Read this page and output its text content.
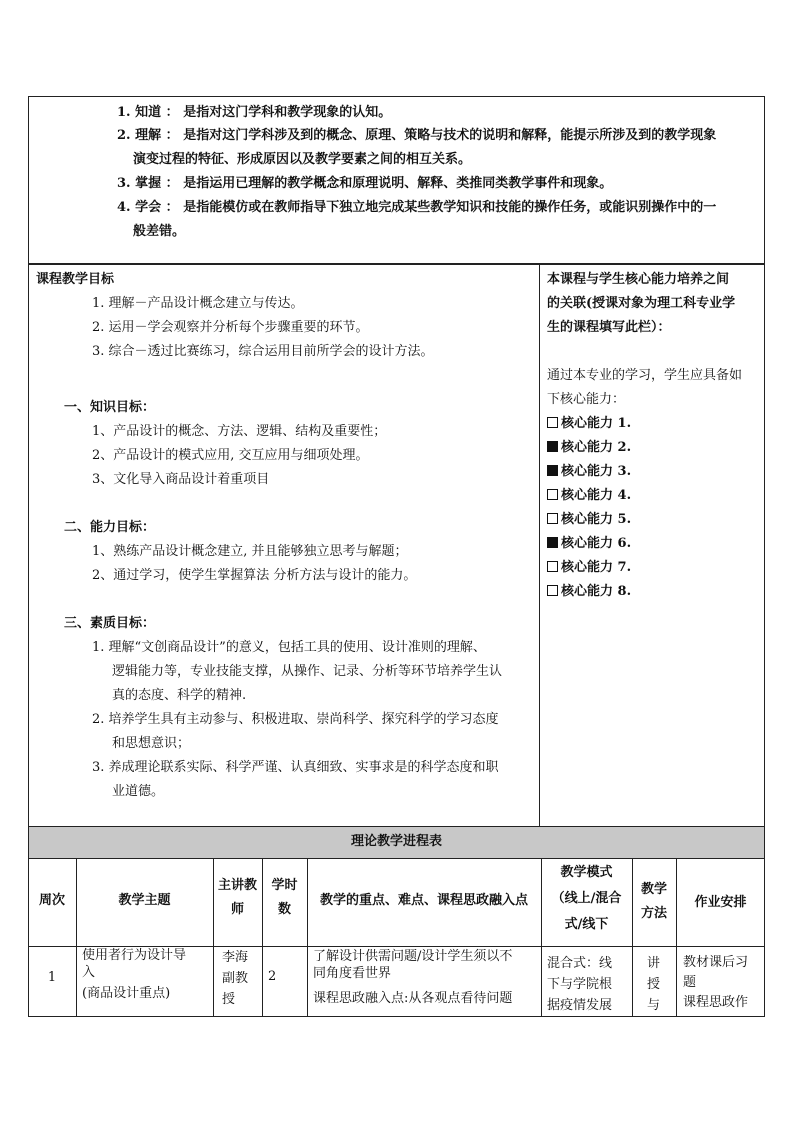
1. 知道 ： 是指对这门学科和教学现象的认知。
2. 理解 ： 是指对这门学科涉及到的概念、原理、策略与技术的说明和解释，能提示所涉及到的教学现象
演变过程的特征、形成原因以及教学要素之间的相互关系。
3. 掌握 ： 是指运用已理解的教学概念和原理说明、解释、类推同类教学事件和现象。
4. 学会 ： 是指能模仿或在教师指导下独立地完成某些教学知识和技能的操作任务，或能识别操作中的一
般差错。
课程教学目标
1. 理解－产品设计概念建立与传达。
2. 运用－学会观察并分析每个步骤重要的环节。
3. 综合－透过比赛练习，综合运用目前所学会的设计方法。
一、知识目标：
1、产品设计的概念、方法、逻辑、结构及重要性；
2、产品设计的模式应用, 交互应用与细项处理。
3、文化导入商品设计着重项目
二、能力目标：
1、熟练产品设计概念建立, 并且能够独立思考与解题；
2、通过学习，使学生掌握算法 分析方法与设计的能力。
三、素质目标：
1. 理解“文创商品设计”的意义，包括工具的使用、设计准则的理解、
逻辑能力等，专业技能支撑，从操作、记录、分析等环节培养学生认
真的态度、科学的精神.
2. 培养学生具有主动参与、积极进取、崇尚科学、探究科学的学习态度
和思想意识；
3. 养成理论联系实际、科学严谨、认真细致、实事求是的科学态度和职
业道德。
本课程与学生核心能力培养之间
的关联(授课对象为理工科专业学
生的课程填写此栏）：
通过本专业的学习，学生应具备如
下核心能力：
核心能力 1.
核心能力 2.
核心能力 3.
核心能力 4.
核心能力 5.
核心能力 6.
核心能力 7.
核心能力 8.
理论教学进程表
周次	教学主题
主讲教
师
学时
数
教学的重点、难点、课程思政融入点
教学模式
（线上/混合
式/线下
教学
方法
作业安排
1
使用者行为设计导
入
(商品设计重点)
李海
副教
授
2
了解设计供需问题/设计学生须以不
同角度看世界
课程思政融入点:从各观点看待问题
混合式：线
下与学院根
据疫情发展
讲
授
与
教材课后习
题
课程思政作
